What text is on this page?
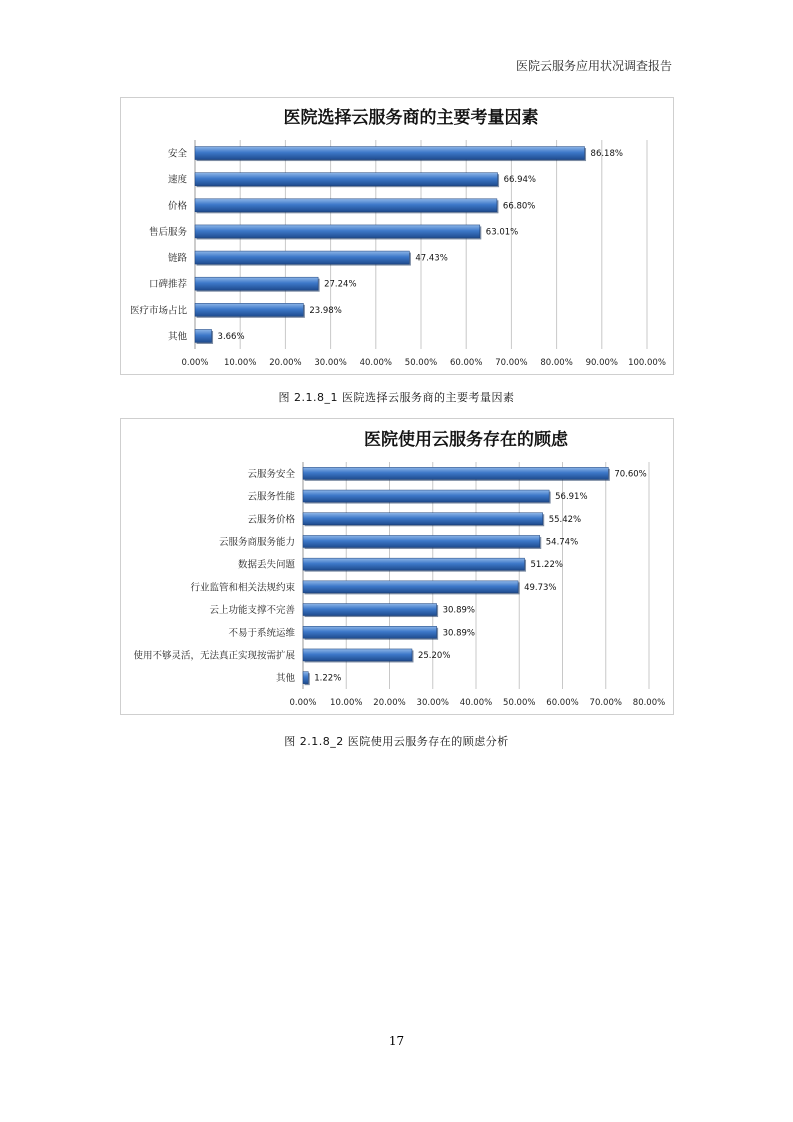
医院云服务应用状况调查报告
医院选择云服务商的主要考量因素
0.00% 10.00% 20.00% 30.00% 40.00% 50.00% 60.00% 70.00% 80.00% 90.00% 100.00%
安全	86.18%
速度	66.94%
价格	66.80%
售后服务	63.01%
链路	47.43%
口碑推荐	27.24%
医疗市场占比	23.98%
其他	3.66%
图 2.1.8_1 医院选择云服务商的主要考量因素
医院使用云服务存在的顾虑
0.00% 10.00% 20.00% 30.00% 40.00% 50.00% 60.00% 70.00% 80.00%
云服务安全	70.60%
云服务性能	56.91%
云服务价格	55.42%
云服务商服务能力	54.74%
数据丢失问题	51.22%
行业监管和相关法规约束	49.73%
云上功能支撑不完善	30.89%
不易于系统运维	30.89%
使用不够灵活，无法真正实现按需扩展	25.20%
其他 1.22%
图 2.1.8_2 医院使用云服务存在的顾虑分析
17
